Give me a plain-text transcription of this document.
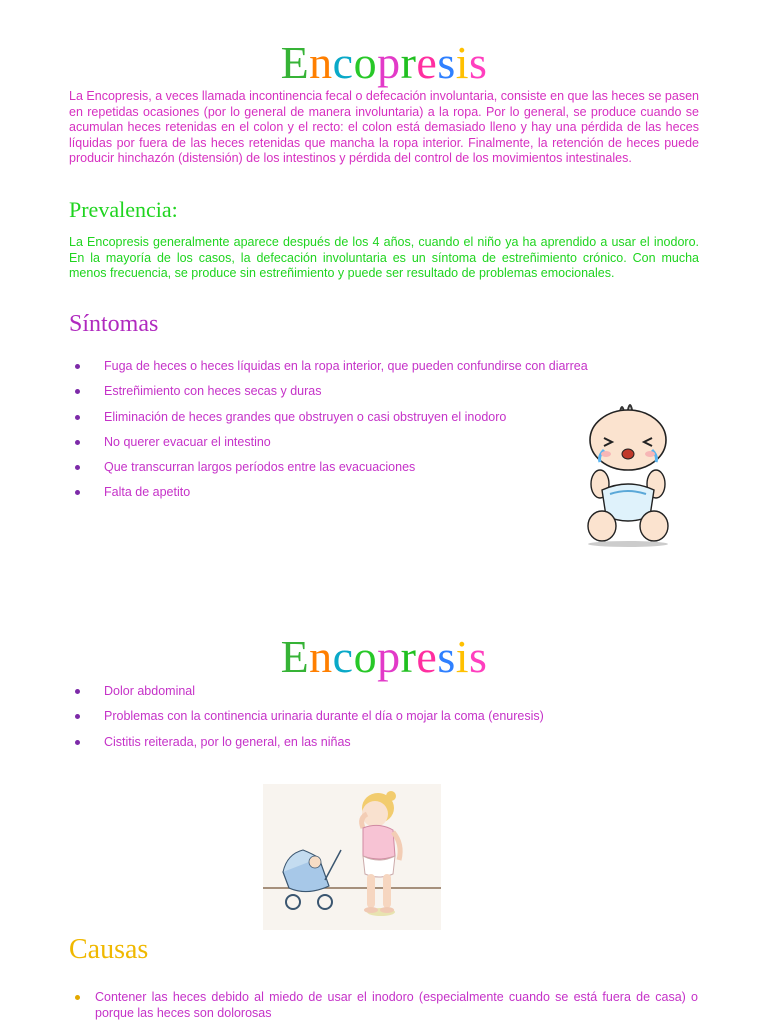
Encopresis

La Encopresis, a veces llamada incontinencia fecal o defecación involuntaria, consiste en que las heces se pasen en repetidas ocasiones (por lo general de manera involuntaria) a la ropa. Por lo general, se produce cuando se acumulan heces retenidas en el colon y el recto: el colon está demasiado lleno y hay una pérdida de las heces líquidas por fuera de las heces retenidas que mancha la ropa interior. Finalmente, la retención de heces puede producir hinchazón (distensión) de los intestinos y pérdida del control de los movimientos intestinales.

Prevalencia:

La Encopresis generalmente aparece después de los 4 años, cuando el niño ya ha aprendido a usar el inodoro. En la mayoría de los casos, la defecación involuntaria es un síntoma de estreñimiento crónico. Con mucha menos frecuencia, se produce sin estreñimiento y puede ser resultado de problemas emocionales.

Síntomas
Fuga de heces o heces líquidas en la ropa interior, que pueden confundirse con diarrea
Estreñimiento con heces secas y duras
Eliminación de heces grandes que obstruyen o casi obstruyen el inodoro
No querer evacuar el intestino
Que transcurran largos períodos entre las evacuaciones
Falta de apetito
Encopresis
Dolor abdominal
Problemas con la continencia urinaria durante el día o mojar la coma (enuresis)
Cistitis reiterada, por lo general, en las niñas
Causas
Contener las heces debido al miedo de usar el inodoro (especialmente cuando se está fuera de casa) o porque las heces son dolorosas
